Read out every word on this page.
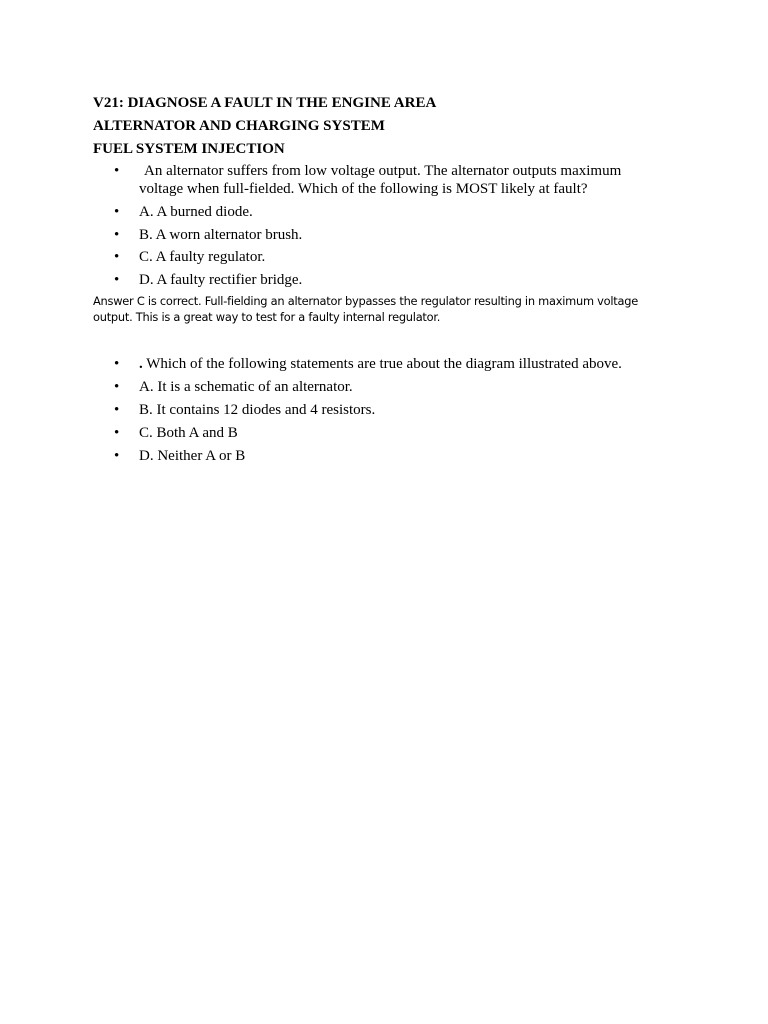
V21: DIAGNOSE A FAULT IN THE ENGINE AREA
ALTERNATOR AND CHARGING SYSTEM
FUEL SYSTEM INJECTION
•	An alternator suffers from low voltage output. The alternator outputs maximum
voltage when full-fielded. Which of the following is MOST likely at fault?
• A. A burned diode.
• B. A worn alternator brush.
• C. A faulty regulator.
• D. A faulty rectifier bridge.
Answer C is correct. Full-fielding an alternator bypasses the regulator resulting in maximum voltage
output. This is a great way to test for a faulty internal regulator.
• . Which of the following statements are true about the diagram illustrated above.
• A. It is a schematic of an alternator.
• B. It contains 12 diodes and 4 resistors.
• C. Both A and B
• D. Neither A or B
